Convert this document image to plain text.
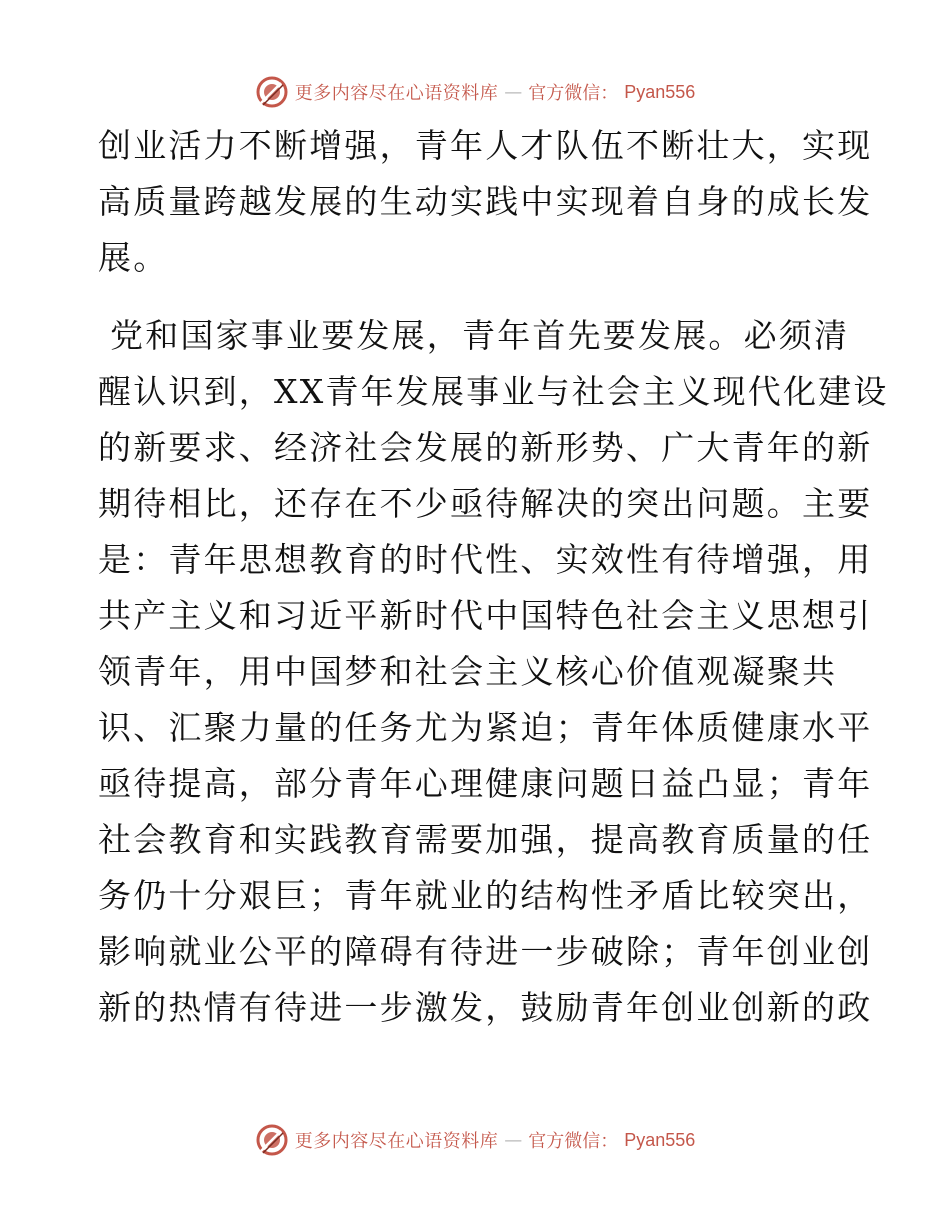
更多内容尽在心语资料库 — 官方微信： Pyan556

创业活力不断增强，青年人才队伍不断壮大，实现
高质量跨越发展的生动实践中实现着自身的成长发
展。

党和国家事业要发展，青年首先要发展。必须清
醒认识到，XX青年发展事业与社会主义现代化建设
的新要求、经济社会发展的新形势、广大青年的新
期待相比，还存在不少亟待解决的突出问题。主要
是：青年思想教育的时代性、实效性有待增强，用
共产主义和习近平新时代中国特色社会主义思想引
领青年，用中国梦和社会主义核心价值观凝聚共
识、汇聚力量的任务尤为紧迫；青年体质健康水平
亟待提高，部分青年心理健康问题日益凸显；青年
社会教育和实践教育需要加强，提高教育质量的任
务仍十分艰巨；青年就业的结构性矛盾比较突出，
影响就业公平的障碍有待进一步破除；青年创业创
新的热情有待进一步激发，鼓励青年创业创新的政

更多内容尽在心语资料库 — 官方微信： Pyan556
